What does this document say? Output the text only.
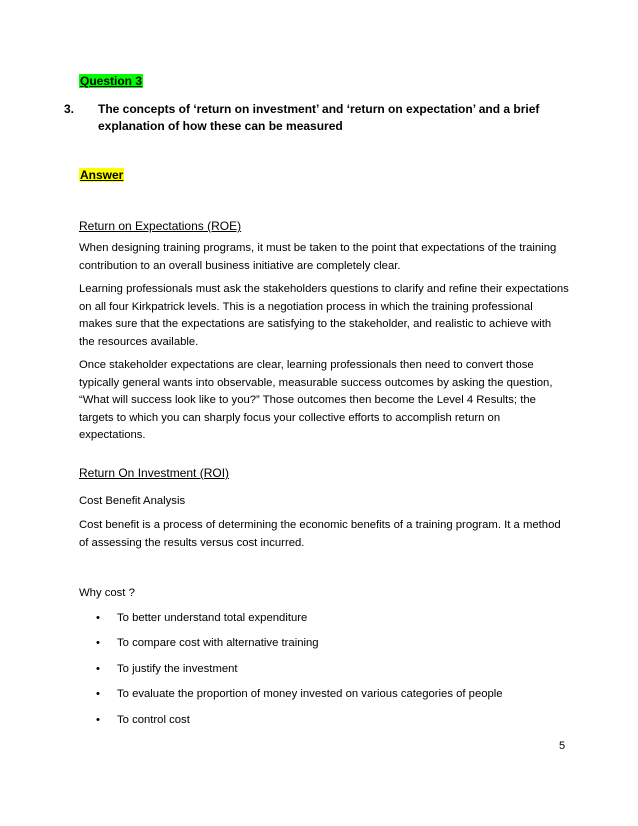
Question 3
3. The concepts of ‘return on investment’ and ‘return on expectation’ and a brief explanation of how these can be measured
Answer
Return on Expectations (ROE)
When designing training programs, it must be taken to the point that expectations of the training contribution to an overall business initiative are completely clear.
Learning professionals must ask the stakeholders questions to clarify and refine their expectations on all four Kirkpatrick levels. This is a negotiation process in which the training professional makes sure that the expectations are satisfying to the stakeholder, and realistic to achieve with the resources available.
Once stakeholder expectations are clear, learning professionals then need to convert those typically general wants into observable, measurable success outcomes by asking the question, “What will success look like to you?” Those outcomes then become the Level 4 Results; the targets to which you can sharply focus your collective efforts to accomplish return on expectations.
Return On Investment (ROI)
Cost Benefit Analysis
Cost benefit is a process of determining the economic benefits of a training program. It a method of assessing the results versus cost incurred.
Why cost ?
• To better understand total expenditure
• To compare cost with alternative training
• To justify the investment
• To evaluate the proportion of money invested on various categories of people
• To control cost
5
